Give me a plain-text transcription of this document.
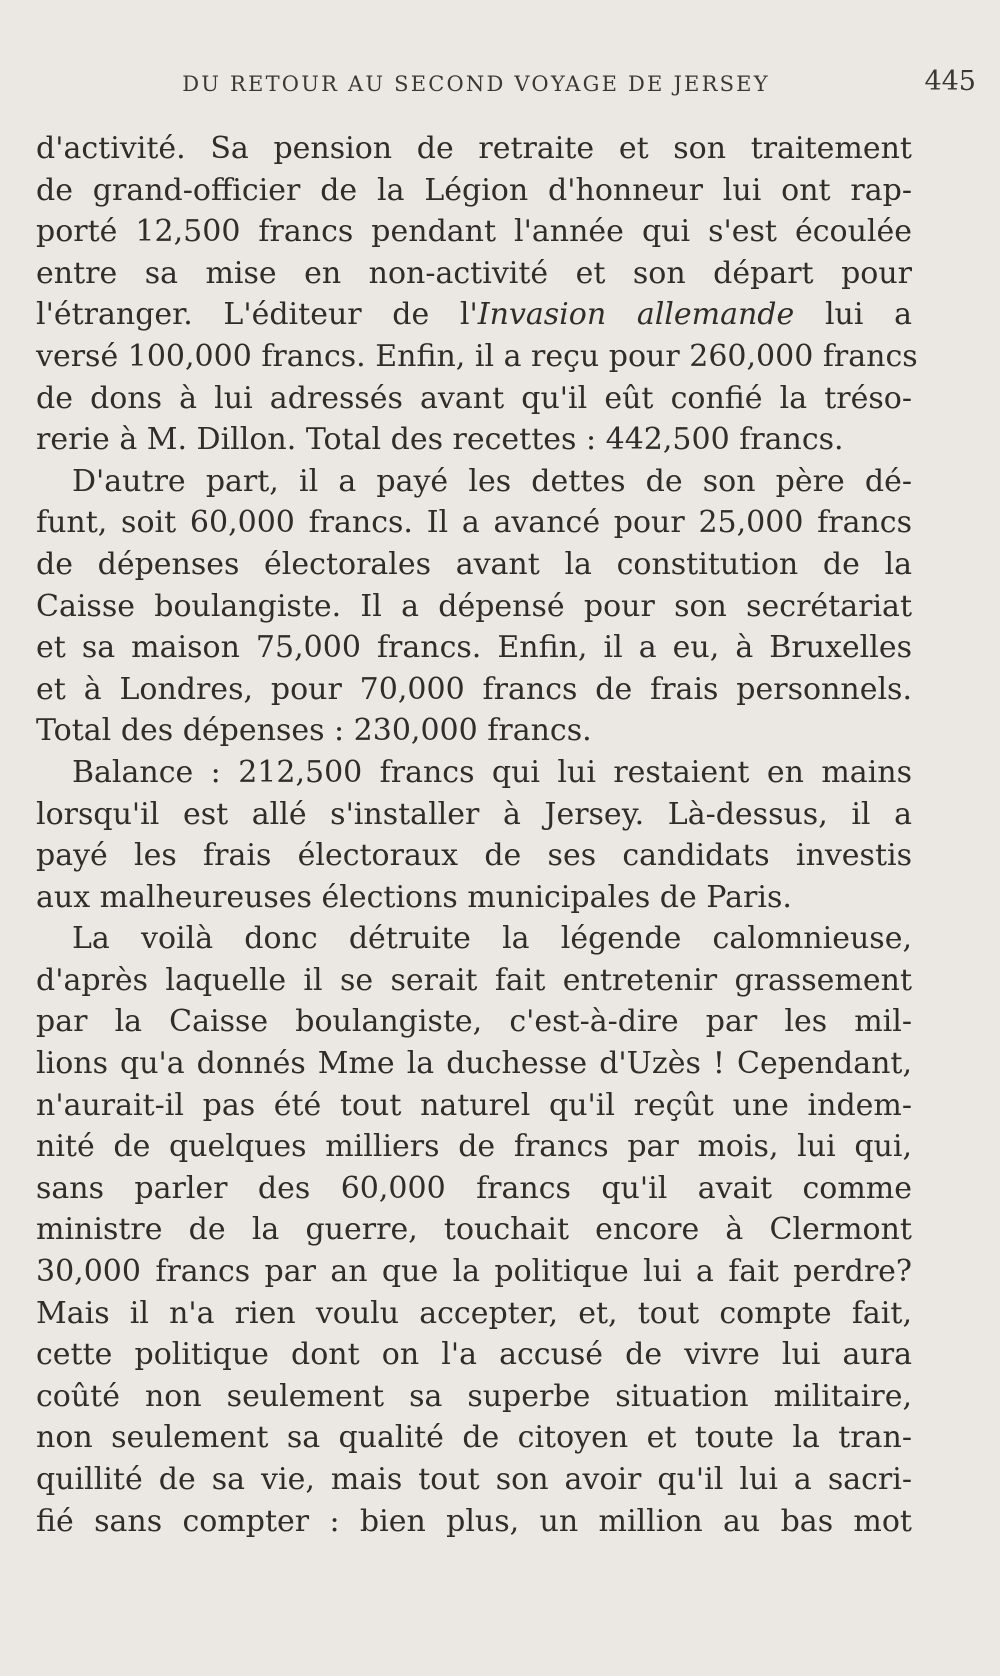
DU RETOUR AU SECOND VOYAGE DE JERSEY	445
d'activité. Sa pension de retraite et son traitement
de grand-officier de la Légion d'honneur lui ont rap-
porté 12,500 francs pendant l'année qui s'est écoulée
entre sa mise en non-activité et son départ pour
l'étranger. L'éditeur de l'Invasion allemande lui a
versé 100,000 francs. Enfin, il a reçu pour 260,000 francs
de dons à lui adressés avant qu'il eût confié la tréso-
rerie à M. Dillon. Total des recettes : 442,500 francs.
D'autre part, il a payé les dettes de son père dé-
funt, soit 60,000 francs. Il a avancé pour 25,000 francs
de dépenses électorales avant la constitution de la
Caisse boulangiste. Il a dépensé pour son secrétariat
et sa maison 75,000 francs. Enfin, il a eu, à Bruxelles
et à Londres, pour 70,000 francs de frais personnels.
Total des dépenses : 230,000 francs.
Balance : 212,500 francs qui lui restaient en mains
lorsqu'il est allé s'installer à Jersey. Là-dessus, il a
payé les frais électoraux de ses candidats investis
aux malheureuses élections municipales de Paris.
La voilà donc détruite la légende calomnieuse,
d'après laquelle il se serait fait entretenir grassement
par la Caisse boulangiste, c'est-à-dire par les mil-
lions qu'a donnés Mme la duchesse d'Uzès ! Cependant,
n'aurait-il pas été tout naturel qu'il reçût une indem-
nité de quelques milliers de francs par mois, lui qui,
sans parler des 60,000 francs qu'il avait comme
ministre de la guerre, touchait encore à Clermont
30,000 francs par an que la politique lui a fait perdre?
Mais il n'a rien voulu accepter, et, tout compte fait,
cette politique dont on l'a accusé de vivre lui aura
coûté non seulement sa superbe situation militaire,
non seulement sa qualité de citoyen et toute la tran-
quillité de sa vie, mais tout son avoir qu'il lui a sacri-
fié sans compter : bien plus, un million au bas mot
